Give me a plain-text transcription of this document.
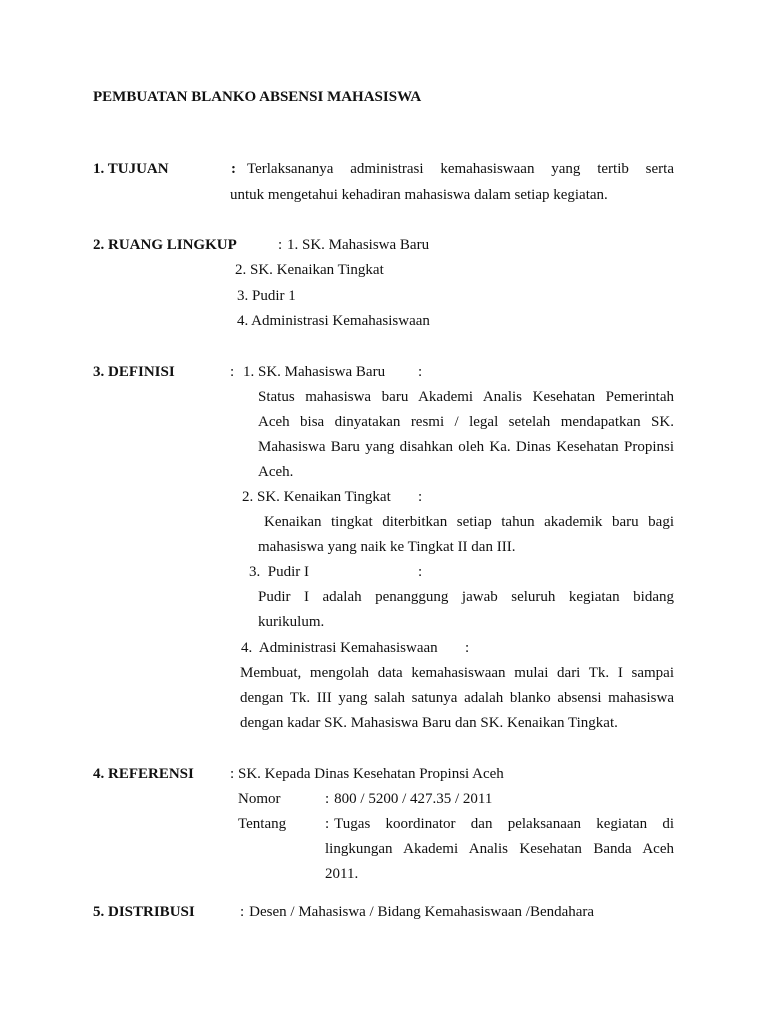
PEMBUATAN BLANKO ABSENSI MAHASISWA
1. TUJUAN	: Terlaksananya administrasi kemahasiswaan yang tertib serta
untuk mengetahui kehadiran mahasiswa dalam setiap kegiatan.
2. RUANG LINGKUP	: 1. SK. Mahasiswa Baru
2. SK. Kenaikan Tingkat
3. Pudir 1
4. Administrasi Kemahasiswaan
3. DEFINISI	: 1. SK. Mahasiswa Baru :
Status mahasiswa baru Akademi Analis Kesehatan Pemerintah
Aceh bisa dinyatakan resmi / legal setelah mendapatkan SK.
Mahasiswa Baru yang disahkan oleh Ka. Dinas Kesehatan Propinsi
Aceh.
2. SK. Kenaikan Tingkat :
Kenaikan tingkat diterbitkan setiap tahun akademik baru bagi
mahasiswa yang naik ke Tingkat II dan III.
3.  Pudir I	:
Pudir I adalah penanggung jawab seluruh kegiatan bidang
kurikulum.
4.  Administrasi Kemahasiswaan :
Membuat, mengolah data kemahasiswaan mulai dari Tk. I sampai
dengan Tk. III yang salah satunya adalah blanko absensi mahasiswa
dengan kadar SK. Mahasiswa Baru dan SK. Kenaikan Tingkat.
4. REFERENSI : SK. Kepada Dinas Kesehatan Propinsi Aceh
Nomor	: 800 / 5200 / 427.35 / 2011
Tentang	: Tugas koordinator dan pelaksanaan kegiatan di
lingkungan Akademi Analis Kesehatan Banda Aceh
2011.
5. DISTRIBUSI	: Desen / Mahasiswa / Bidang Kemahasiswaan /Bendahara
